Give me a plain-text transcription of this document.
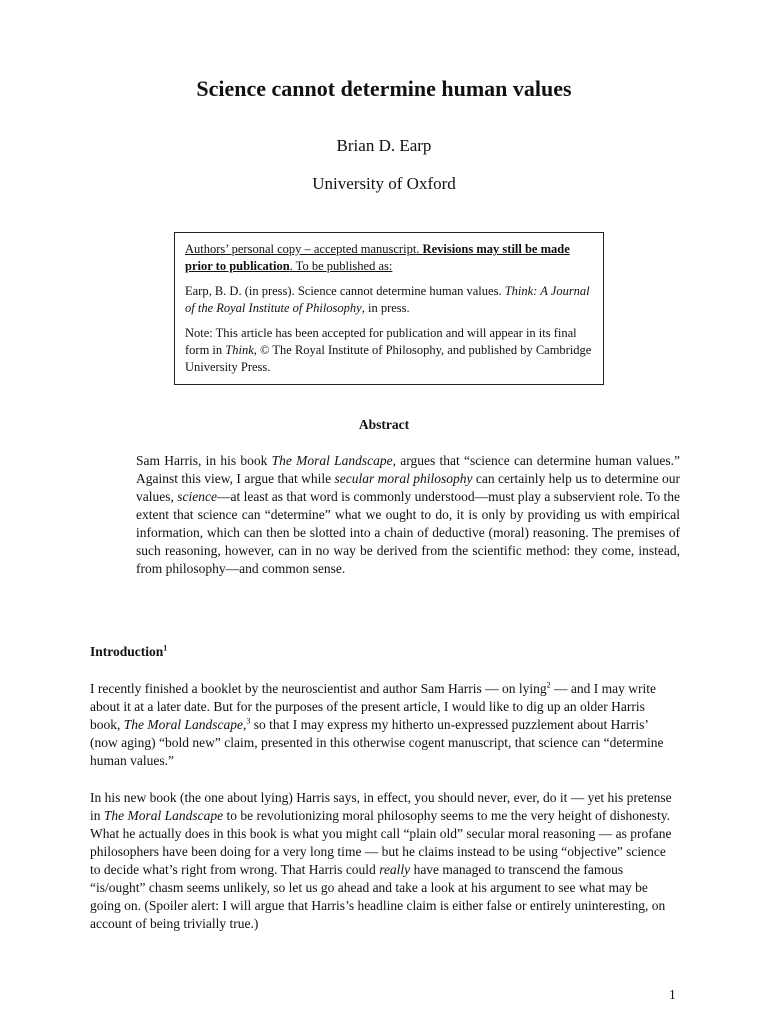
Science cannot determine human values
Brian D. Earp
University of Oxford

Authors’ personal copy – accepted manuscript. Revisions may still be made prior to publication. To be published as:

Earp, B. D. (in press). Science cannot determine human values. Think: A Journal of the Royal Institute of Philosophy, in press.

Note: This article has been accepted for publication and will appear in its final form in Think, © The Royal Institute of Philosophy, and published by Cambridge University Press.

Abstract
Sam Harris, in his book The Moral Landscape, argues that “science can determine human values.” Against this view, I argue that while secular moral philosophy can certainly help us to determine our values, science—at least as that word is commonly understood—must play a subservient role. To the extent that science can “determine” what we ought to do, it is only by providing us with empirical information, which can then be slotted into a chain of deductive (moral) reasoning. The premises of such reasoning, however, can in no way be derived from the scientific method: they come, instead, from philosophy—and common sense.
Introduction$^1$
I recently finished a booklet by the neuroscientist and author Sam Harris — on lying$^2$ — and I may write about it at a later date. But for the purposes of the present article, I would like to dig up an older Harris book, The Moral Landscape,$^3$ so that I may express my hitherto un-expressed puzzlement about Harris’ (now aging) “bold new” claim, presented in this otherwise cogent manuscript, that science can “determine human values.”
In his new book (the one about lying) Harris says, in effect, you should never, ever, do it — yet his pretense in The Moral Landscape to be revolutionizing moral philosophy seems to me the very height of dishonesty. What he actually does in this book is what you might call “plain old” secular moral reasoning — as profane philosophers have been doing for a very long time — but he claims instead to be using “objective” science to decide what’s right from wrong. That Harris could really have managed to transcend the famous “is/ought” chasm seems unlikely, so let us go ahead and take a look at his argument to see what may be going on. (Spoiler alert: I will argue that Harris’s headline claim is either false or entirely uninteresting, on account of being trivially true.)
1
